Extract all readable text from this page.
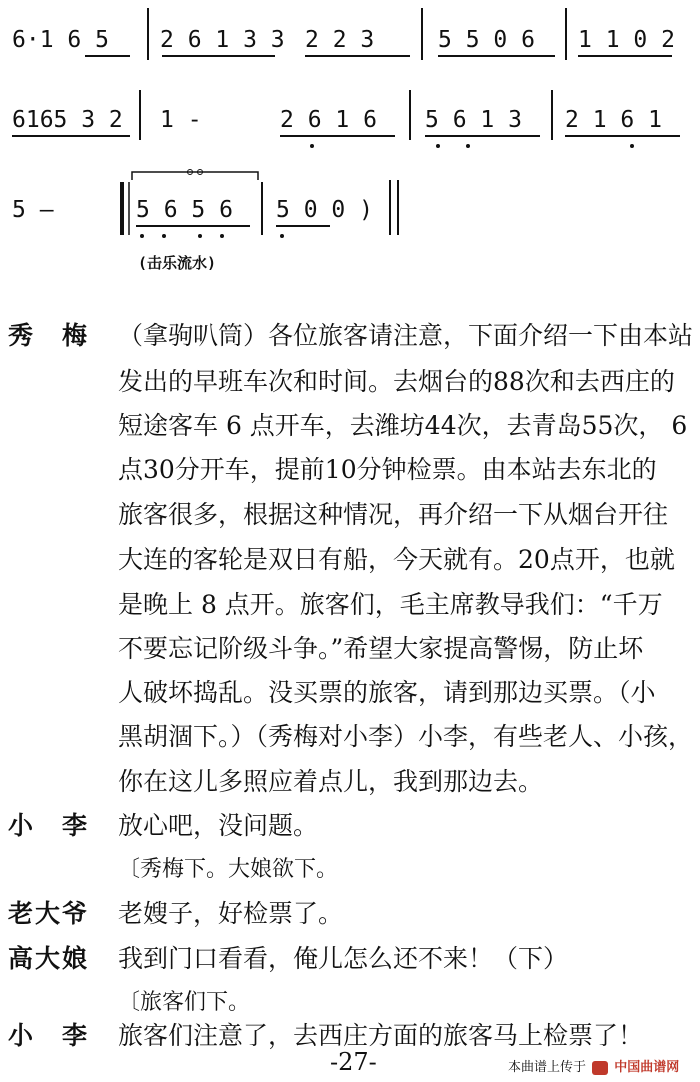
6·1 6 5 2 6 1 3 3 2 2 3	5 5 0 6 1 1 0 2
6165 3 2 1 -	2 6 1 6 5 6 1 3 2 1 6 1
5 —	5 6 5 6 5 0 0 )
(击乐流水)
秀　梅	（拿驹叭筒）各位旅客请注意，下面介绍一下由本站
发出的早班车次和时间。去烟台的88次和去西庄的
短途客车 6 点开车，去潍坊44次，去青岛55次， 6
点30分开车，提前10分钟检票。由本站去东北的
旅客很多，根据这种情况，再介绍一下从烟台开往
大连的客轮是双日有船，今天就有。20点开，也就
是晚上 8 点开。旅客们，毛主席教导我们：“千万
不要忘记阶级斗争。”希望大家提高警惕，防止坏
人破坏捣乱。没买票的旅客，请到那边买票。（小
黑胡涸下。）（秀梅对小李）小李，有些老人、小孩，
你在这儿多照应着点儿，我到那边去。
小　李	放心吧，没问题。
〔秀梅下。大娘欲下。
老大爷	老嫂子，好检票了。
高大娘	我到门口看看，俺儿怎么还不来！（下）
〔旅客们下。
小　李	旅客们注意了，去西庄方面的旅客马上检票了！
-27-	本曲谱上传于 中国曲谱网
